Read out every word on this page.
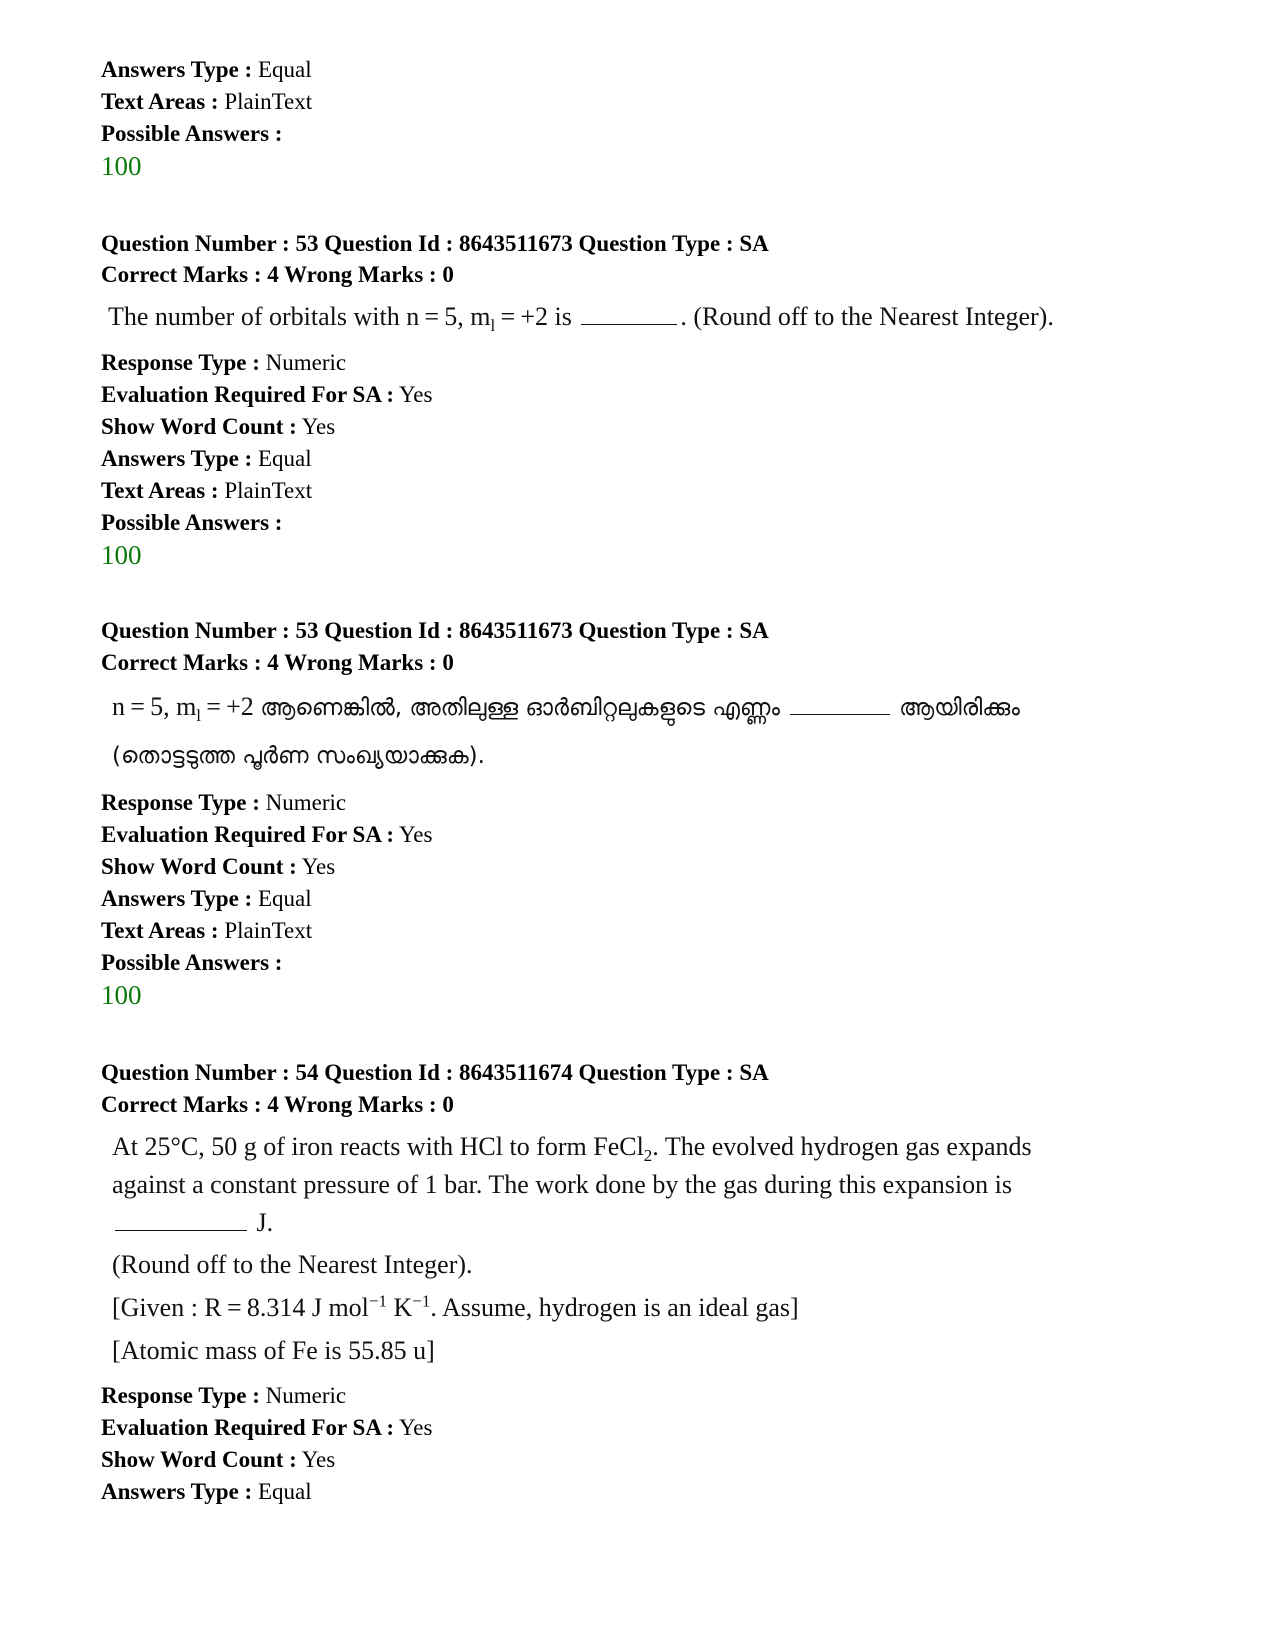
Answers Type : Equal
Text Areas : PlainText
Possible Answers :
100
Question Number : 53 Question Id : 8643511673 Question Type : SA
Correct Marks : 4 Wrong Marks : 0
The number of orbitals with n = 5, $m_l = +2$ is	. (Round off to the Nearest Integer).
Response Type : Numeric
Evaluation Required For SA : Yes
Show Word Count : Yes
Answers Type : Equal
Text Areas : PlainText
Possible Answers :
100
Question Number : 53 Question Id : 8643511673 Question Type : SA
Correct Marks : 4 Wrong Marks : 0
n = 5, $m_l = +2$ ആണെങ്കിൽ, അതിലുള്ള ഓർബിറ്റലുകളുടെ എണ്ണം	ആയിരിക്കും
(തൊട്ടടുത്ത പൂർണ സംഖ്യയാക്കുക).
Response Type : Numeric
Evaluation Required For SA : Yes
Show Word Count : Yes
Answers Type : Equal
Text Areas : PlainText
Possible Answers :
100
Question Number : 54 Question Id : 8643511674 Question Type : SA
Correct Marks : 4 Wrong Marks : 0
At 25°C, 50 g of iron reacts with HCl to form FeCl$_2$. The evolved hydrogen gas expands
against a constant pressure of 1 bar. The work done by the gas during this expansion is
J.
(Round off to the Nearest Integer).
[Given : R = 8.314 J mol$^{-1}$ $K^{-1}$. Assume, hydrogen is an ideal gas]
[Atomic mass of Fe is 55.85 u]
Response Type : Numeric
Evaluation Required For SA : Yes
Show Word Count : Yes
Answers Type : Equal
